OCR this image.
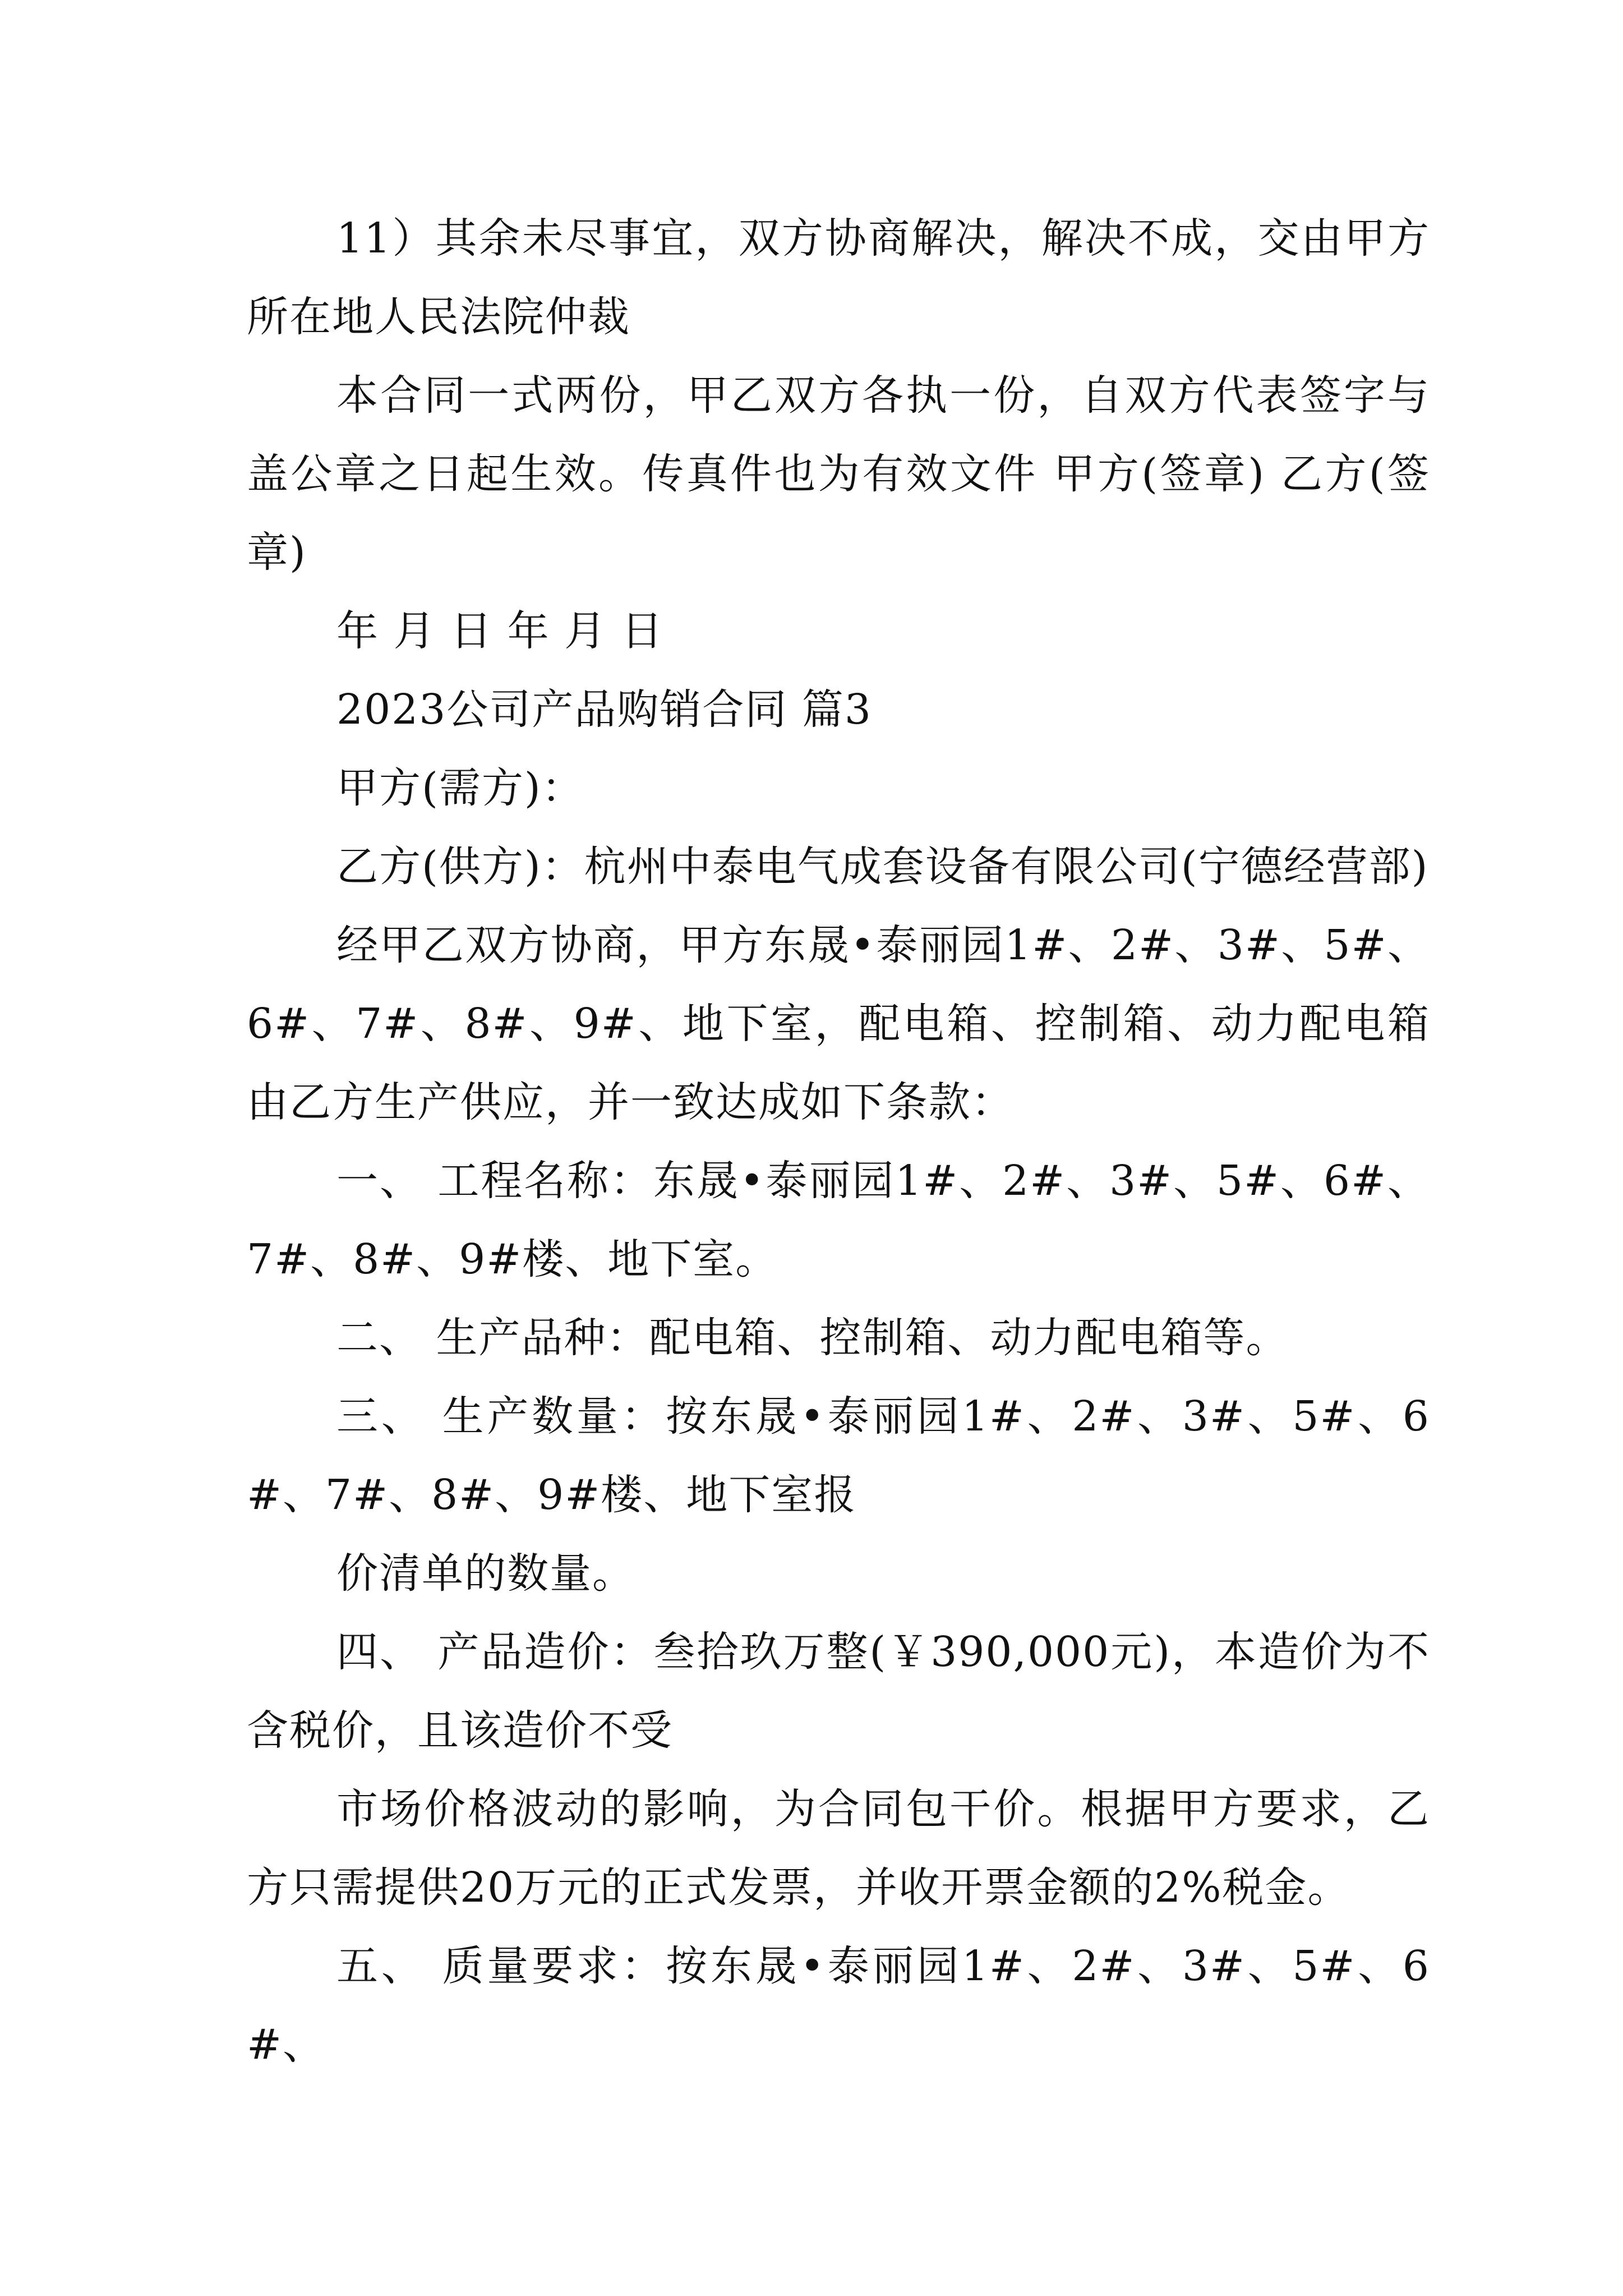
11）其余未尽事宜，双方协商解决，解决不成，交由甲方所在地人民法院仲裁

本合同一式两份，甲乙双方各执一份，自双方代表签字与盖公章之日起生效。传真件也为有效文件 甲方(签章) 乙方(签章)

年 月 日 年 月 日

2023公司产品购销合同 篇3

甲方(需方)：

乙方(供方)：杭州中泰电气成套设备有限公司(宁德经营部)

经甲乙双方协商，甲方东晟•泰丽园1#、2#、3#、5#、6#、7#、8#、9#、地下室，配电箱、控制箱、动力配电箱由乙方生产供应，并一致达成如下条款：

一、 工程名称：东晟•泰丽园1#、2#、3#、5#、6#、7#、8#、9#楼、地下室。

二、 生产品种：配电箱、控制箱、动力配电箱等。

三、 生产数量：按东晟•泰丽园1#、2#、3#、5#、6#、7#、8#、9#楼、地下室报

价清单的数量。

四、 产品造价：叁拾玖万整(￥390,000元)，本造价为不含税价，且该造价不受

市场价格波动的影响，为合同包干价。根据甲方要求，乙方只需提供20万元的正式发票，并收开票金额的2%税金。

五、 质量要求：按东晟•泰丽园1#、2#、3#、5#、6#、
